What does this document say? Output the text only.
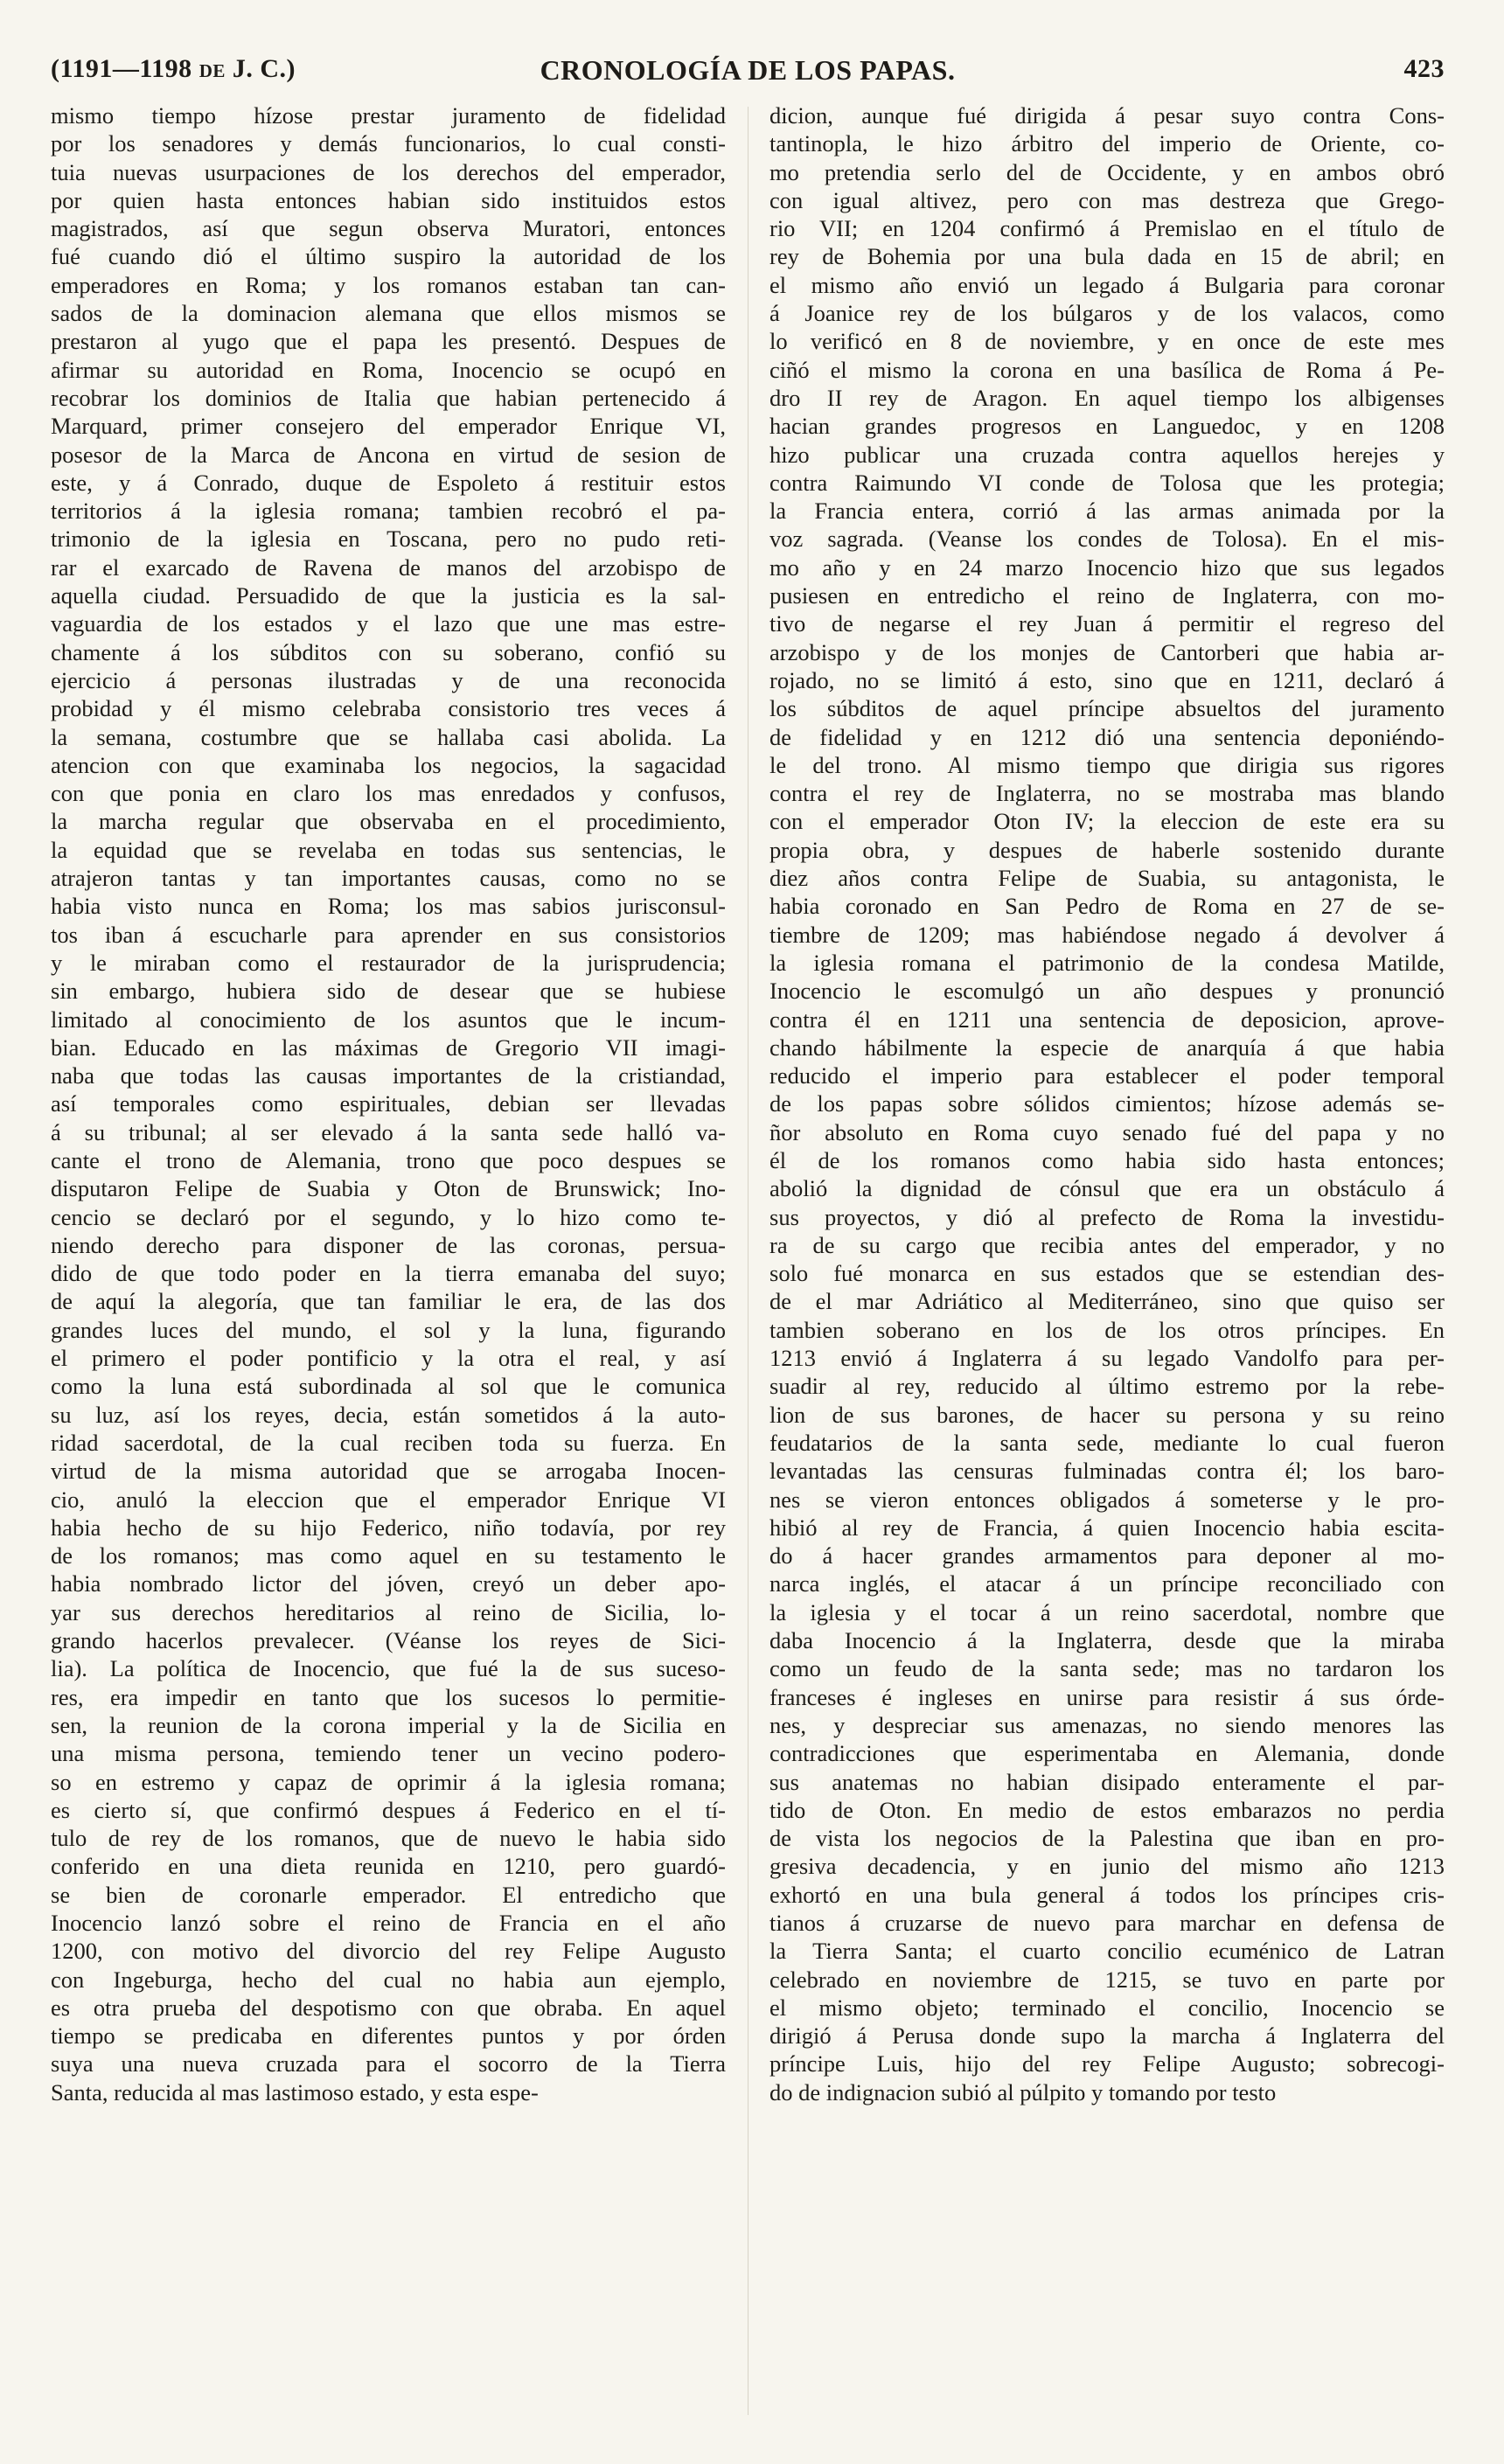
(1191—1198 DE J. C.)	CRONOLOGÍA DE LOS PAPAS.	423
mismo tiempo hízose prestar juramento de fidelidad
por los senadores y demás funcionarios, lo cual consti-
tuia nuevas usurpaciones de los derechos del emperador,
por quien hasta entonces habian sido instituidos estos
magistrados, así que segun observa Muratori, entonces
fué cuando dió el último suspiro la autoridad de los
emperadores en Roma; y los romanos estaban tan can-
sados de la dominacion alemana que ellos mismos se
prestaron al yugo que el papa les presentó. Despues de
afirmar su autoridad en Roma, Inocencio se ocupó en
recobrar los dominios de Italia que habian pertenecido á
Marquard, primer consejero del emperador Enrique VI,
posesor de la Marca de Ancona en virtud de sesion de
este, y á Conrado, duque de Espoleto á restituir estos
territorios á la iglesia romana; tambien recobró el pa-
trimonio de la iglesia en Toscana, pero no pudo reti-
rar el exarcado de Ravena de manos del arzobispo de
aquella ciudad. Persuadido de que la justicia es la sal-
vaguardia de los estados y el lazo que une mas estre-
chamente á los súbditos con su soberano, confió su
ejercicio á personas ilustradas y de una reconocida
probidad y él mismo celebraba consistorio tres veces á
la semana, costumbre que se hallaba casi abolida. La
atencion con que examinaba los negocios, la sagacidad
con que ponia en claro los mas enredados y confusos,
la marcha regular que observaba en el procedimiento,
la equidad que se revelaba en todas sus sentencias, le
atrajeron tantas y tan importantes causas, como no se
habia visto nunca en Roma; los mas sabios jurisconsul-
tos iban á escucharle para aprender en sus consistorios
y le miraban como el restaurador de la jurisprudencia;
sin embargo, hubiera sido de desear que se hubiese
limitado al conocimiento de los asuntos que le incum-
bian. Educado en las máximas de Gregorio VII imagi-
naba que todas las causas importantes de la cristiandad,
así temporales como espirituales, debian ser llevadas
á su tribunal; al ser elevado á la santa sede halló va-
cante el trono de Alemania, trono que poco despues se
disputaron Felipe de Suabia y Oton de Brunswick; Ino-
cencio se declaró por el segundo, y lo hizo como te-
niendo derecho para disponer de las coronas, persua-
dido de que todo poder en la tierra emanaba del suyo;
de aquí la alegoría, que tan familiar le era, de las dos
grandes luces del mundo, el sol y la luna, figurando
el primero el poder pontificio y la otra el real, y así
como la luna está subordinada al sol que le comunica
su luz, así los reyes, decia, están sometidos á la auto-
ridad sacerdotal, de la cual reciben toda su fuerza. En
virtud de la misma autoridad que se arrogaba Inocen-
cio, anuló la eleccion que el emperador Enrique VI
habia hecho de su hijo Federico, niño todavía, por rey
de los romanos; mas como aquel en su testamento le
habia nombrado lictor del jóven, creyó un deber apo-
yar sus derechos hereditarios al reino de Sicilia, lo-
grando hacerlos prevalecer. (Véanse los reyes de Sici-
lia). La política de Inocencio, que fué la de sus suceso-
res, era impedir en tanto que los sucesos lo permitie-
sen, la reunion de la corona imperial y la de Sicilia en
una misma persona, temiendo tener un vecino podero-
so en estremo y capaz de oprimir á la iglesia romana;
es cierto sí, que confirmó despues á Federico en el tí-
tulo de rey de los romanos, que de nuevo le habia sido
conferido en una dieta reunida en 1210, pero guardó-
se bien de coronarle emperador. El entredicho que
Inocencio lanzó sobre el reino de Francia en el año
1200, con motivo del divorcio del rey Felipe Augusto
con Ingeburga, hecho del cual no habia aun ejemplo,
es otra prueba del despotismo con que obraba. En aquel
tiempo se predicaba en diferentes puntos y por órden
suya una nueva cruzada para el socorro de la Tierra
Santa, reducida al mas lastimoso estado, y esta espe-
dicion, aunque fué dirigida á pesar suyo contra Cons-
tantinopla, le hizo árbitro del imperio de Oriente, co-
mo pretendia serlo del de Occidente, y en ambos obró
con igual altivez, pero con mas destreza que Grego-
rio VII; en 1204 confirmó á Premislao en el título de
rey de Bohemia por una bula dada en 15 de abril; en
el mismo año envió un legado á Bulgaria para coronar
á Joanice rey de los búlgaros y de los valacos, como
lo verificó en 8 de noviembre, y en once de este mes
ciñó el mismo la corona en una basílica de Roma á Pe-
dro II rey de Aragon. En aquel tiempo los albigenses
hacian grandes progresos en Languedoc, y en 1208
hizo publicar una cruzada contra aquellos herejes y
contra Raimundo VI conde de Tolosa que les protegia;
la Francia entera, corrió á las armas animada por la
voz sagrada. (Veanse los condes de Tolosa). En el mis-
mo año y en 24 marzo Inocencio hizo que sus legados
pusiesen en entredicho el reino de Inglaterra, con mo-
tivo de negarse el rey Juan á permitir el regreso del
arzobispo y de los monjes de Cantorberi que habia ar-
rojado, no se limitó á esto, sino que en 1211, declaró á
los súbditos de aquel príncipe absueltos del juramento
de fidelidad y en 1212 dió una sentencia deponiéndo-
le del trono. Al mismo tiempo que dirigia sus rigores
contra el rey de Inglaterra, no se mostraba mas blando
con el emperador Oton IV; la eleccion de este era su
propia obra, y despues de haberle sostenido durante
diez años contra Felipe de Suabia, su antagonista, le
habia coronado en San Pedro de Roma en 27 de se-
tiembre de 1209; mas habiéndose negado á devolver á
la iglesia romana el patrimonio de la condesa Matilde,
Inocencio le escomulgó un año despues y pronunció
contra él en 1211 una sentencia de deposicion, aprove-
chando hábilmente la especie de anarquía á que habia
reducido el imperio para establecer el poder temporal
de los papas sobre sólidos cimientos; hízose además se-
ñor absoluto en Roma cuyo senado fué del papa y no
él de los romanos como habia sido hasta entonces;
abolió la dignidad de cónsul que era un obstáculo á
sus proyectos, y dió al prefecto de Roma la investidu-
ra de su cargo que recibia antes del emperador, y no
solo fué monarca en sus estados que se estendian des-
de el mar Adriático al Mediterráneo, sino que quiso ser
tambien soberano en los de los otros príncipes. En
1213 envió á Inglaterra á su legado Vandolfo para per-
suadir al rey, reducido al último estremo por la rebe-
lion de sus barones, de hacer su persona y su reino
feudatarios de la santa sede, mediante lo cual fueron
levantadas las censuras fulminadas contra él; los baro-
nes se vieron entonces obligados á someterse y le pro-
hibió al rey de Francia, á quien Inocencio habia escita-
do á hacer grandes armamentos para deponer al mo-
narca inglés, el atacar á un príncipe reconciliado con
la iglesia y el tocar á un reino sacerdotal, nombre que
daba Inocencio á la Inglaterra, desde que la miraba
como un feudo de la santa sede; mas no tardaron los
franceses é ingleses en unirse para resistir á sus órde-
nes, y despreciar sus amenazas, no siendo menores las
contradicciones que esperimentaba en Alemania, donde
sus anatemas no habian disipado enteramente el par-
tido de Oton. En medio de estos embarazos no perdia
de vista los negocios de la Palestina que iban en pro-
gresiva decadencia, y en junio del mismo año 1213
exhortó en una bula general á todos los príncipes cris-
tianos á cruzarse de nuevo para marchar en defensa de
la Tierra Santa; el cuarto concilio ecuménico de Latran
celebrado en noviembre de 1215, se tuvo en parte por
el mismo objeto; terminado el concilio, Inocencio se
dirigió á Perusa donde supo la marcha á Inglaterra del
príncipe Luis, hijo del rey Felipe Augusto; sobrecogi-
do de indignacion subió al púlpito y tomando por testo
